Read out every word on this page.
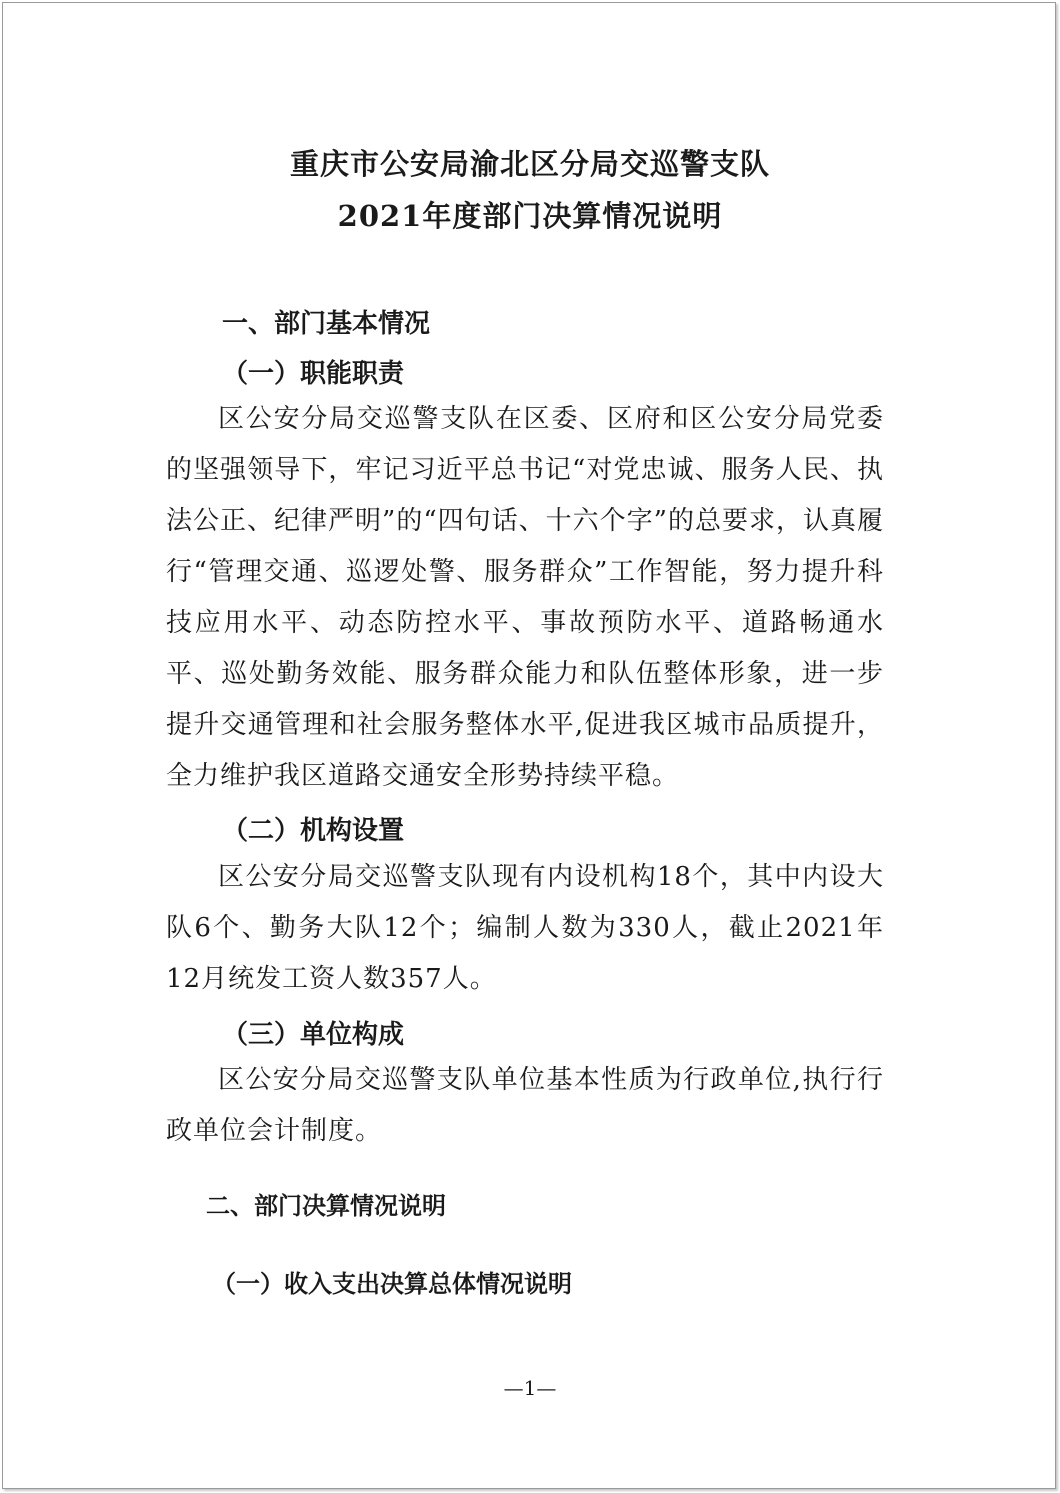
重庆市公安局渝北区分局交巡警支队
2021年度部门决算情况说明
一、部门基本情况
（一）职能职责
区公安分局交巡警支队在区委、区府和区公安分局党委的坚强领导下，牢记习近平总书记“对党忠诚、服务人民、执法公正、纪律严明”的“四句话、十六个字”的总要求，认真履行“管理交通、巡逻处警、服务群众”工作智能，努力提升科技应用水平、动态防控水平、事故预防水平、道路畅通水平、巡处勤务效能、服务群众能力和队伍整体形象，进一步提升交通管理和社会服务整体水平,促进我区城市品质提升，全力维护我区道路交通安全形势持续平稳。
（二）机构设置
区公安分局交巡警支队现有内设机构18个，其中内设大队6个、勤务大队12个；编制人数为330人，截止2021年12月统发工资人数357人。
（三）单位构成
区公安分局交巡警支队单位基本性质为行政单位,执行行政单位会计制度。
二、部门决算情况说明
（一）收入支出决算总体情况说明
—1—
